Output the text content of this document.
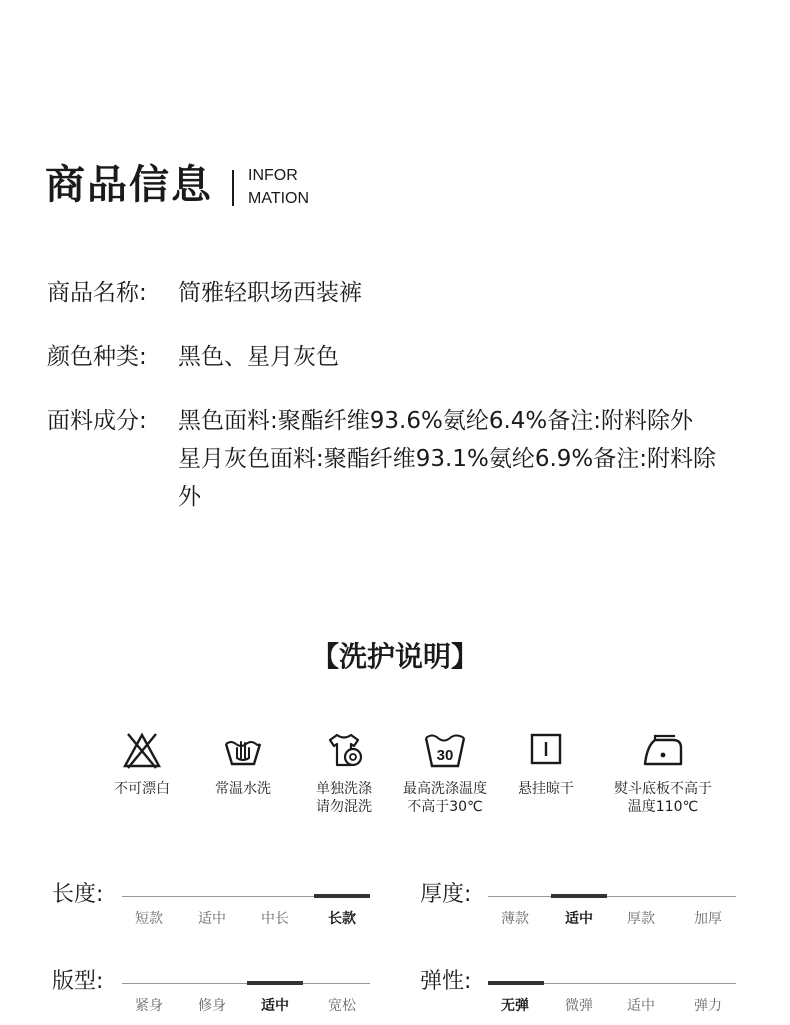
商品信息 INFOR
MATION
商品名称: 简雅轻职场西装裤
颜色种类: 黑色、星月灰色
面料成分: 黑色面料:聚酯纤维93.6%氨纶6.4%备注:附料除外
星月灰色面料:聚酯纤维93.1%氨纶6.9%备注:附料除外
【洗护说明】
不可漂白	常温水洗	单独洗涤
请勿混洗
30
最高洗涤温度
不高于30℃
悬挂晾干	熨斗底板不高于
温度110℃
长度:
短款	适中	中长	长款
厚度:
薄款	适中	厚款	加厚
版型:
紧身	修身	适中	宽松
弹性:
无弹	微弹	适中	弹力
